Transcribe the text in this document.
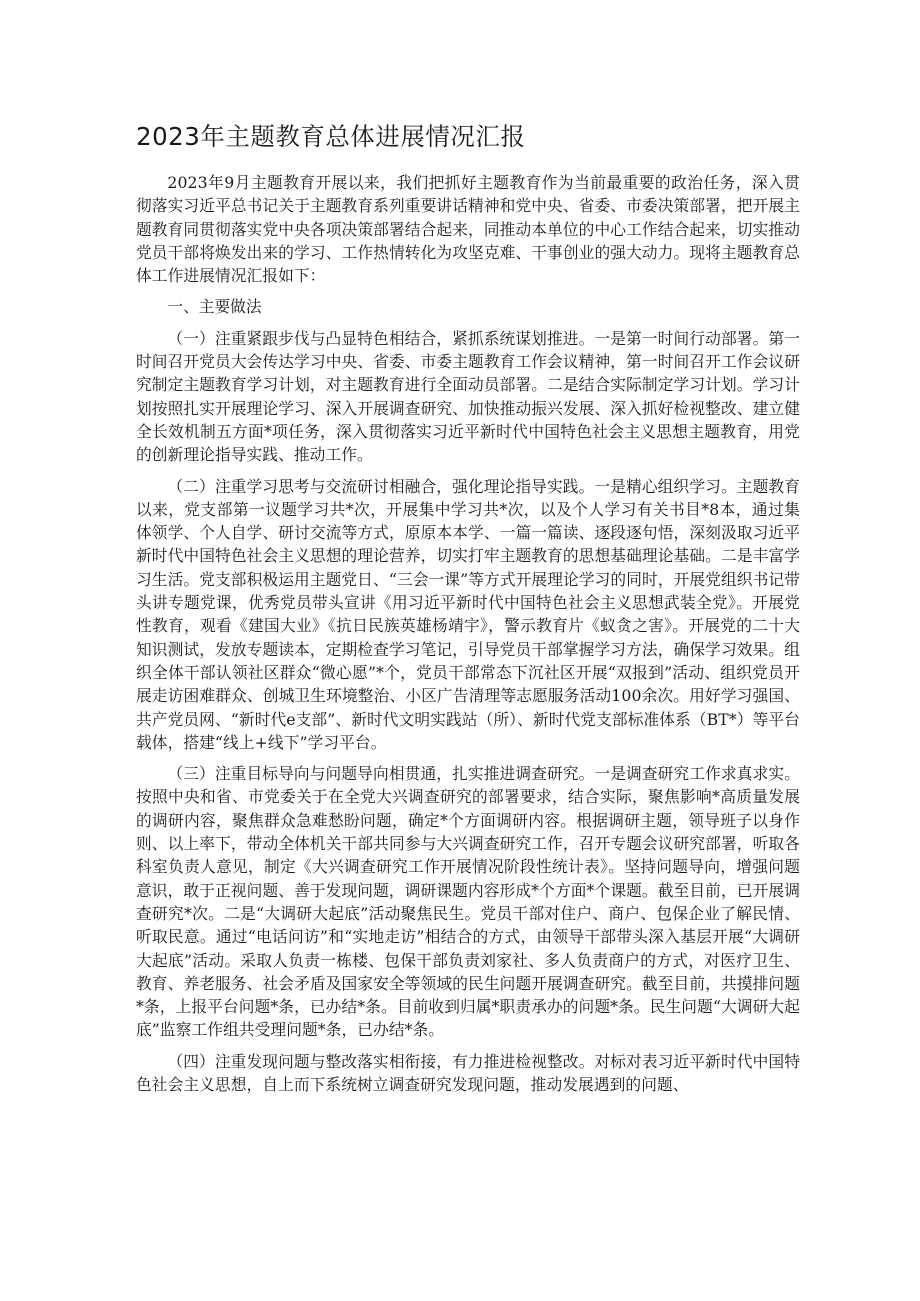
2023年主题教育总体进展情况汇报

2023年9月主题教育开展以来，我们把抓好主题教育作为当前最重要的政治任务，深入贯彻落实习近平总书记关于主题教育系列重要讲话精神和党中央、省委、市委决策部署，把开展主题教育同贯彻落实党中央各项决策部署结合起来，同推动本单位的中心工作结合起来，切实推动党员干部将焕发出来的学习、工作热情转化为攻坚克难、干事创业的强大动力。现将主题教育总体工作进展情况汇报如下：

一、主要做法

（一）注重紧跟步伐与凸显特色相结合，紧抓系统谋划推进。一是第一时间行动部署。第一时间召开党员大会传达学习中央、省委、市委主题教育工作会议精神，第一时间召开工作会议研究制定主题教育学习计划，对主题教育进行全面动员部署。二是结合实际制定学习计划。学习计划按照扎实开展理论学习、深入开展调查研究、加快推动振兴发展、深入抓好检视整改、建立健全长效机制五方面*项任务，深入贯彻落实习近平新时代中国特色社会主义思想主题教育，用党的创新理论指导实践、推动工作。

（二）注重学习思考与交流研讨相融合，强化理论指导实践。一是精心组织学习。主题教育以来，党支部第一议题学习共*次，开展集中学习共*次，以及个人学习有关书目*8本，通过集体领学、个人自学、研讨交流等方式，原原本本学、一篇一篇读、逐段逐句悟，深刻汲取习近平新时代中国特色社会主义思想的理论营养，切实打牢主题教育的思想基础理论基础。二是丰富学习生活。党支部积极运用主题党日、“三会一课”等方式开展理论学习的同时，开展党组织书记带头讲专题党课，优秀党员带头宣讲《用习近平新时代中国特色社会主义思想武装全党》。开展党性教育，观看《建国大业》《抗日民族英雄杨靖宇》，警示教育片《蚁贪之害》。开展党的二十大知识测试，发放专题读本，定期检查学习笔记，引导党员干部掌握学习方法，确保学习效果。组织全体干部认领社区群众“微心愿”*个，党员干部常态下沉社区开展“双报到”活动、组织党员开展走访困难群众、创城卫生环境整治、小区广告清理等志愿服务活动100余次。用好学习强国、共产党员网、“新时代e支部”、新时代文明实践站（所）、新时代党支部标准体系（BT*）等平台载体，搭建“线上+线下”学习平台。

（三）注重目标导向与问题导向相贯通，扎实推进调查研究。一是调查研究工作求真求实。按照中央和省、市党委关于在全党大兴调查研究的部署要求，结合实际，聚焦影响*高质量发展的调研内容，聚焦群众急难愁盼问题，确定*个方面调研内容。根据调研主题，领导班子以身作则、以上率下，带动全体机关干部共同参与大兴调查研究工作，召开专题会议研究部署，听取各科室负责人意见，制定《大兴调查研究工作开展情况阶段性统计表》。坚持问题导向，增强问题意识，敢于正视问题、善于发现问题，调研课题内容形成*个方面*个课题。截至目前，已开展调查研究*次。二是“大调研大起底”活动聚焦民生。党员干部对住户、商户、包保企业了解民情、听取民意。通过“电话问访”和“实地走访”相结合的方式，由领导干部带头深入基层开展“大调研大起底”活动。采取人负责一栋楼、包保干部负责刘家社、多人负责商户的方式，对医疗卫生、教育、养老服务、社会矛盾及国家安全等领域的民生问题开展调查研究。截至目前，共摸排问题*条，上报平台问题*条，已办结*条。目前收到归属*职责承办的问题*条。民生问题“大调研大起底”监察工作组共受理问题*条，已办结*条。

（四）注重发现问题与整改落实相衔接，有力推进检视整改。对标对表习近平新时代中国特色社会主义思想，自上而下系统树立调查研究发现问题，推动发展遇到的问题、
